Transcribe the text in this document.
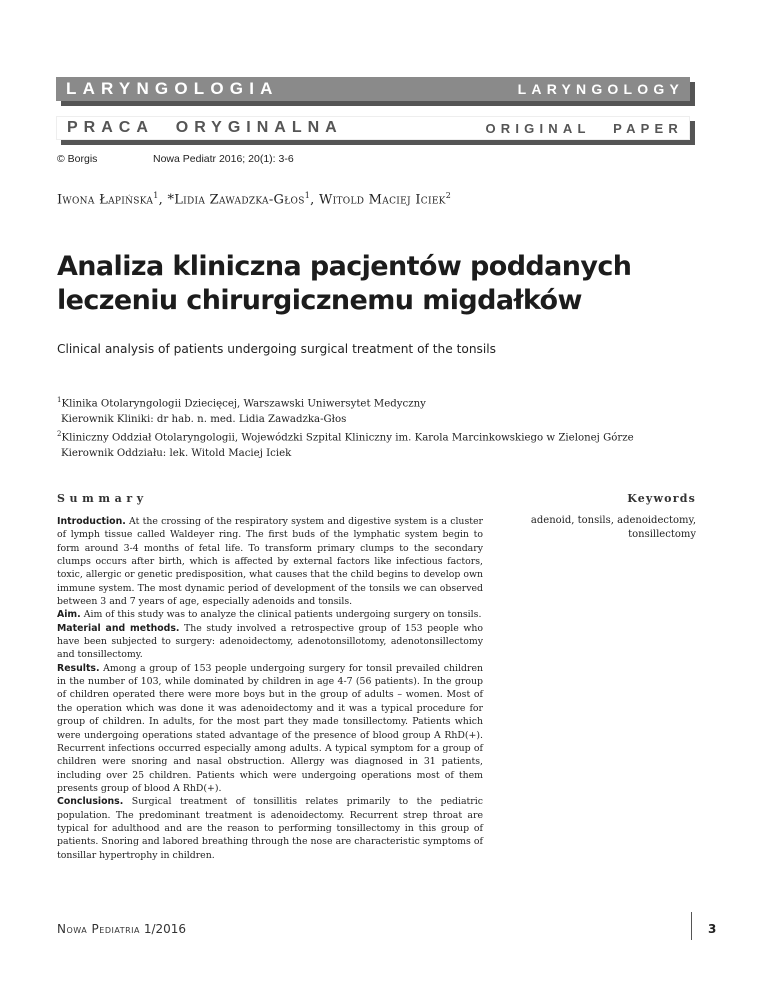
LARYNGOLOGIA	LARYNGOLOGY
PRACA ORYGINALNA	ORIGINAL PAPER
© Borgis	Nowa Pediatr 2016; 20(1): 3-6
Iwona Łapińska$^1$, *Lidia Zawadzka-Głos$^1$, Witold Maciej Iciek$^2$
Analiza kliniczna pacjentów poddanych
leczeniu chirurgicznemu migdałków
Clinical analysis of patients undergoing surgical treatment of the tonsils
$^1$Klinika Otolaryngologii Dziecięcej, Warszawski Uniwersytet Medyczny
Kierownik Kliniki: dr hab. n. med. Lidia Zawadzka-Głos
$^2$Kliniczny Oddział Otolaryngologii, Wojewódzki Szpital Kliniczny im. Karola Marcinkowskiego w Zielonej Górze
Kierownik Oddziału: lek. Witold Maciej Iciek
Summary	Keywords
adenoid, tonsils, adenoidectomy,
tonsillectomy

Introduction. At the crossing of the respiratory system and digestive system is a cluster of lymph tissue called Waldeyer ring. The first buds of the lymphatic system begin to form around 3-4 months of fetal life. To transform primary clumps to the secondary clumps occurs after birth, which is affected by external factors like infectious factors, toxic, allergic or genetic predisposition, what causes that the child begins to develop own immune system. The most dynamic period of development of the tonsils we can observed between 3 and 7 years of age, especially adenoids and tonsils.

Aim. Aim of this study was to analyze the clinical patients undergoing surgery on tonsils.

Material and methods. The study involved a retrospective group of 153 people who have been subjected to surgery: adenoidectomy, adenotonsillotomy, adenotonsillectomy and tonsillectomy.

Results. Among a group of 153 people undergoing surgery for tonsil prevailed children in the number of 103, while dominated by children in age 4-7 (56 patients). In the group of children operated there were more boys but in the group of adults – women. Most of the operation which was done it was adenoidectomy and it was a typical procedure for group of children. In adults, for the most part they made tonsillectomy. Patients which were undergoing operations stated advantage of the presence of blood group A RhD(+). Recurrent infections occurred especially among adults. A typical symptom for a group of children were snoring and nasal obstruction. Allergy was diagnosed in 31 patients, including over 25 children. Patients which were undergoing operations most of them presents group of blood A RhD(+).

Conclusions. Surgical treatment of tonsillitis relates primarily to the pediatric population. The predominant treatment is adenoidectomy. Recurrent strep throat are typical for adulthood and are the reason to performing tonsillectomy in this group of patients. Snoring and labored breathing through the nose are characteristic symptoms of tonsillar hypertrophy in children.

Nowa Pediatria 1/2016	3
